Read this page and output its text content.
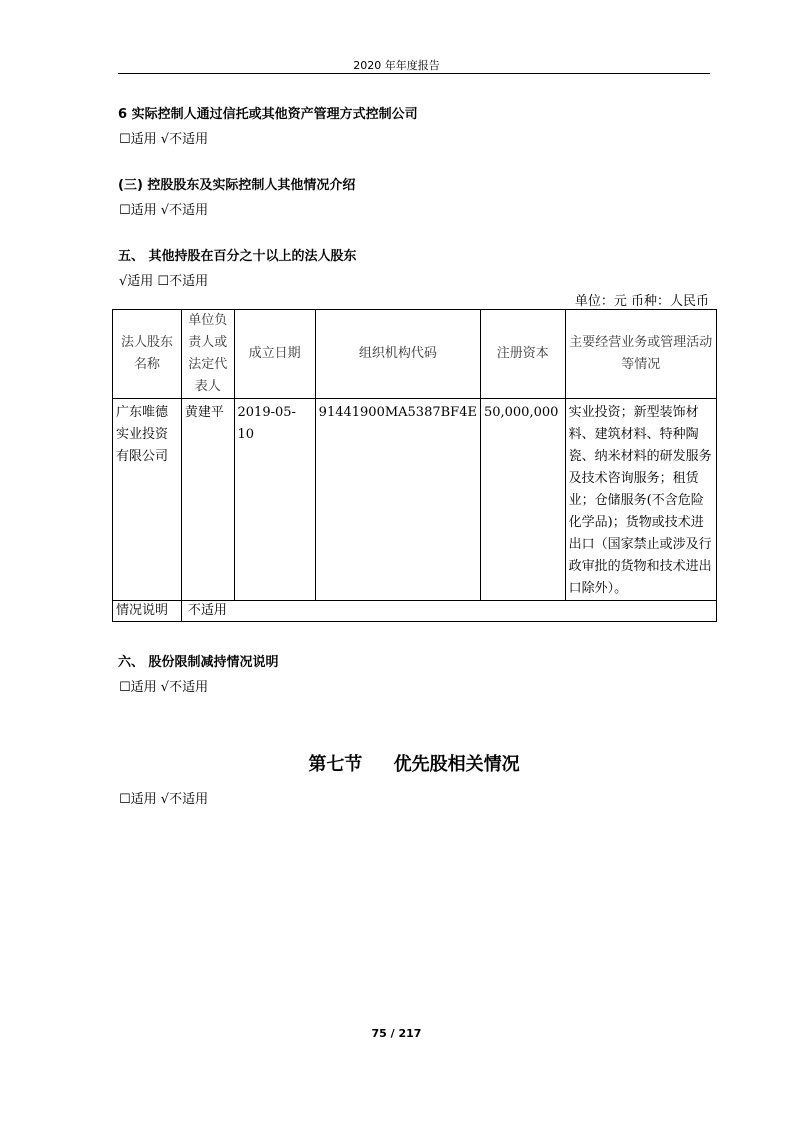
2020 年年度报告
6 实际控制人通过信托或其他资产管理方式控制公司
☐适用 √不适用
(三) 控股股东及实际控制人其他情况介绍
☐适用 √不适用
五、 其他持股在百分之十以上的法人股东
√适用 ☐不适用
单位：元 币种：人民币
法人股东名称	单位负责人或法定代表人	成立日期	组织机构代码	注册资本	主要经营业务或管理活动等情况
广东唯德实业投资有限公司	黄建平	2019-05-10	91441900MA5387BF4E	50,000,000	实业投资；新型装饰材料、建筑材料、特种陶瓷、纳米材料的研发服务及技术咨询服务；租赁业；仓储服务(不含危险化学品)；货物或技术进出口（国家禁止或涉及行政审批的货物和技术进出口除外）。
情况说明	不适用				
六、 股份限制减持情况说明
☐适用 √不适用
第七节     优先股相关情况
☐适用 √不适用
75 / 217
